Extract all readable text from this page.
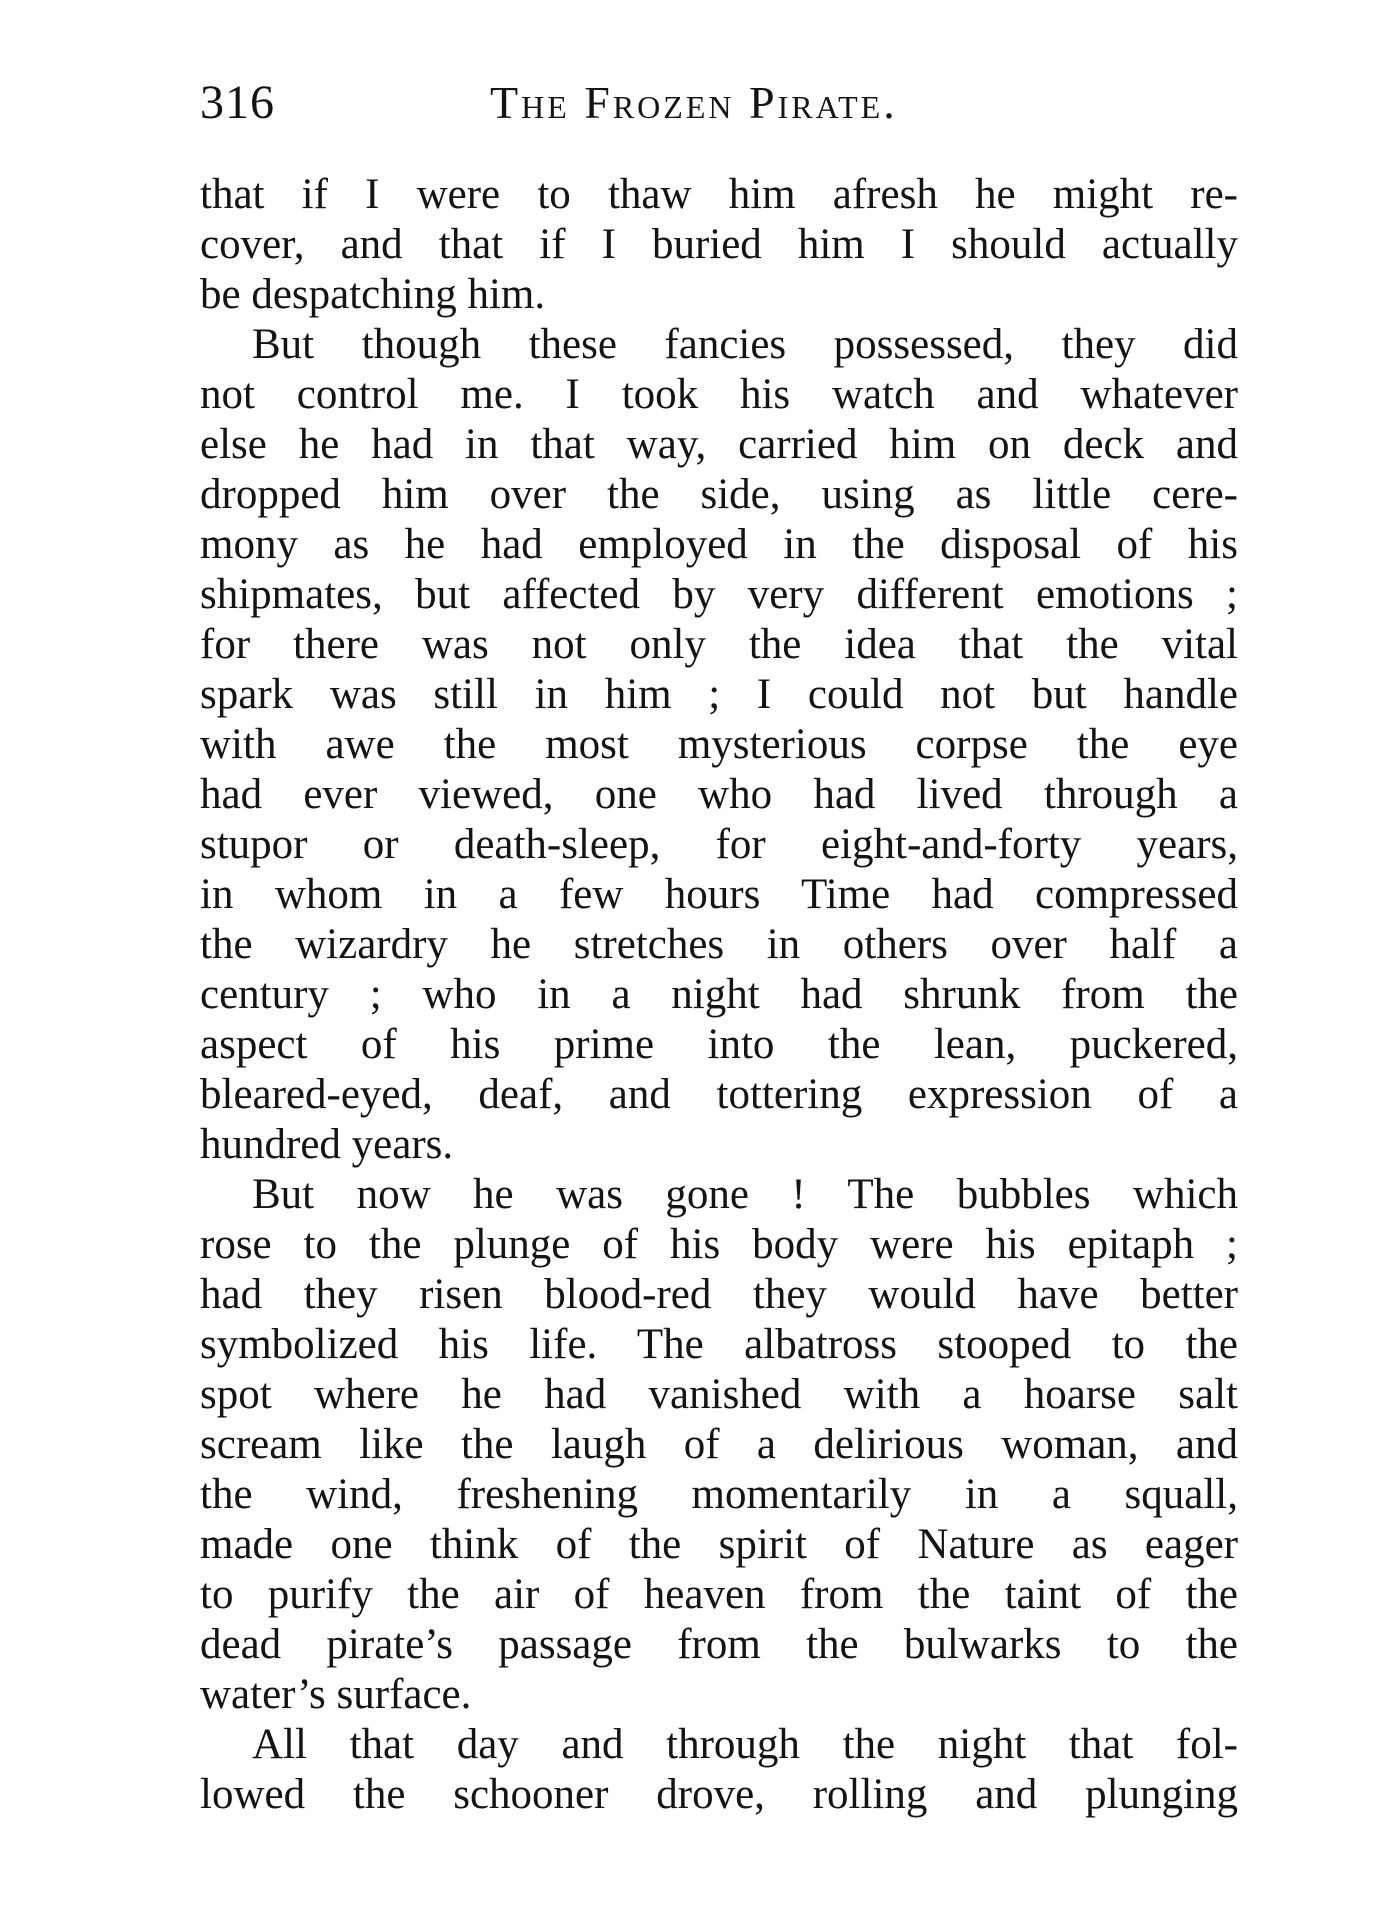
316	The Frozen Pirate.
that if I were to thaw him afresh he might re-
cover, and that if I buried him I should actually
be despatching him.
But though these fancies possessed, they did
not control me. I took his watch and whatever
else he had in that way, carried him on deck and
dropped him over the side, using as little cere-
mony as he had employed in the disposal of his
shipmates, but affected by very different emotions ;
for there was not only the idea that the vital
spark was still in him ; I could not but handle
with awe the most mysterious corpse the eye
had ever viewed, one who had lived through a
stupor or death-sleep, for eight-and-forty years,
in whom in a few hours Time had compressed
the wizardry he stretches in others over half a
century ; who in a night had shrunk from the
aspect of his prime into the lean, puckered,
bleared-eyed, deaf, and tottering expression of a
hundred years.
But now he was gone ! The bubbles which
rose to the plunge of his body were his epitaph ;
had they risen blood-red they would have better
symbolized his life. The albatross stooped to the
spot where he had vanished with a hoarse salt
scream like the laugh of a delirious woman, and
the wind, freshening momentarily in a squall,
made one think of the spirit of Nature as eager
to purify the air of heaven from the taint of the
dead pirate’s passage from the bulwarks to the
water’s surface.
All that day and through the night that fol-
lowed the schooner drove, rolling and plunging
